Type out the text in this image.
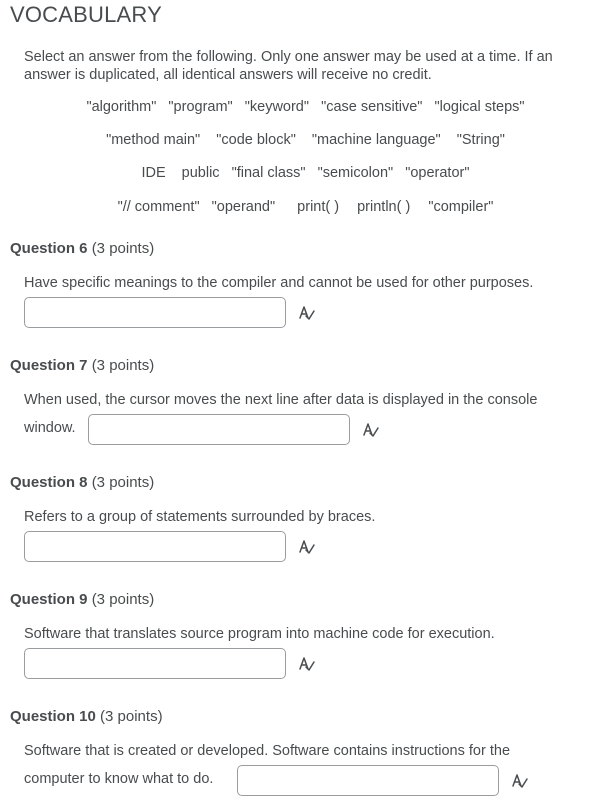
VOCABULARY
Select an answer from the following. Only one answer may be used at a time. If an answer is duplicated, all identical answers will receive no credit.
"algorithm" "program" "keyword" "case sensitive" "logical steps"
"method main" "code block" "machine language" "String"
IDE public "final class" "semicolon" "operator"
"// comment" "operand" print( ) println( ) "compiler"
Question 6 (3 points)
Have specific meanings to the compiler and cannot be used for other purposes.
Question 7 (3 points)
When used, the cursor moves the next line after data is displayed in the console
window.
Question 8 (3 points)
Refers to a group of statements surrounded by braces.
Question 9 (3 points)
Software that translates source program into machine code for execution.
Question 10 (3 points)
Software that is created or developed. Software contains instructions for the
computer to know what to do.
